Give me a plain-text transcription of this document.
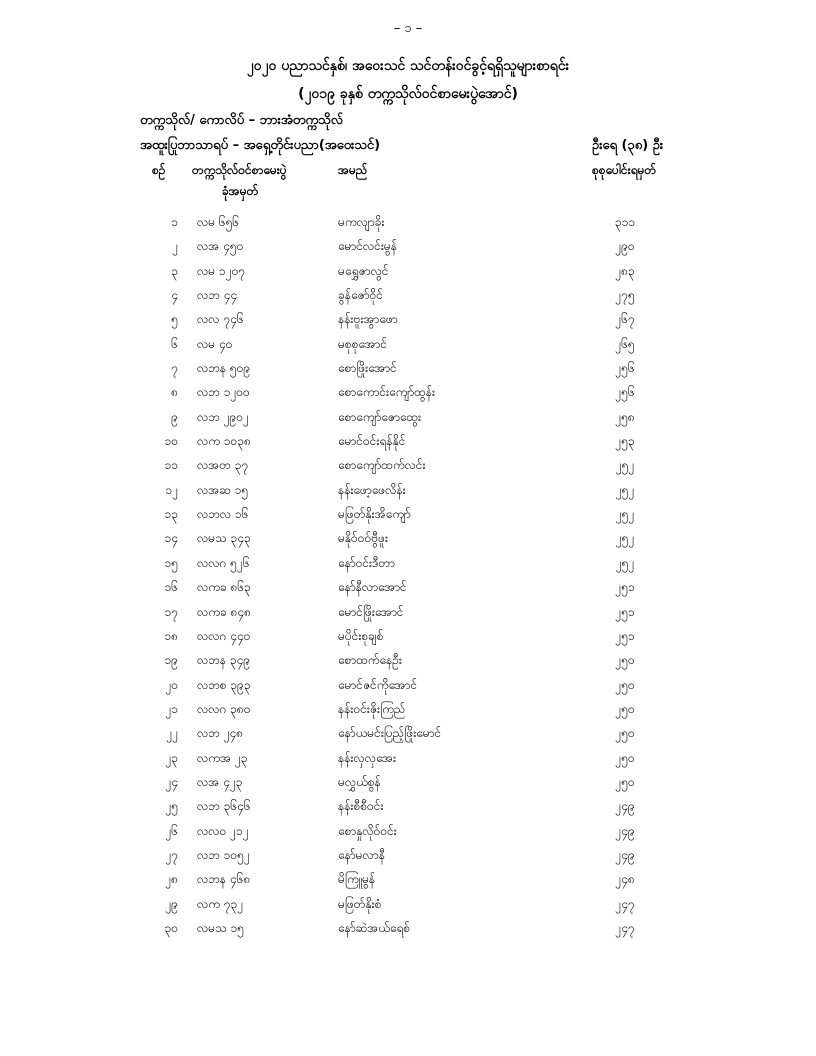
– ၁ –
၂၀၂၀ ပညာသင်နှစ်၊ အဝေးသင် သင်တန်းဝင်ခွင့်ရရှိသူများစာရင်း
(၂၀၁၉ ခုနှစ် တက္ကသိုလ်ဝင်စာမေးပွဲအောင်)
တက္ကသိုလ်/ ကောလိပ် – ဘားအံတက္ကသိုလ်
အထူးပြုဘာသာရပ် – အရှေ့တိုင်းပညာ(အဝေးသင်)	ဦးရေ (၃၈) ဦး
စဉ် တက္ကသိုလ်ဝင်စာမေးပွဲ
ခုံအမှတ်
အမည်	စုစုပေါင်းရမှတ်
၁ လမ ၆၅၆	မကလျာခိုး	၃၁၁
၂ လအ ၄၅၀	မောင်လင်းမွန်	၂၉၀
၃ လမ ၁၂၀၇	မရွှေဇာလွင်	၂၈၃
၄ လဘ ၄၄	ခွန်ဇော်ဝိုင်	၂၇၅
၅ လလ ၇၄၆	နန်းဗူးအွာဖော	၂၆၇
၆ လမ ၄၀	မစုစုအောင်	၂၆၅
၇ လဘန ၅၀၉	စောဖြိုးအောင်	၂၅၆
၈ လဘ ၁၂၀၀	စောကောင်းကျော်ထွန်း	၂၅၆
၉ လဘ ၂၉၀၂	စောကျော်ဇောထွေး	၂၅၈
၁၀ လက ၁၀၃၈	မောင်ဝင်းရန်နိုင်	၂၅၃
၁၁ လအတ ၃၇	စောကျော်ထက်လင်း	၂၅၂
၁၂ လအဆ ၁၅	နန်းဖော့ဖေလိန်း	၂၅၂
၁၃ လဘလ ၁၆	မဖြတ်နိုးအိကျော်	၂၅၂
၁၄ လမသ ၃၄၃	မနိုဝ်ဝဝ်ဗွီဖူး	၂၅၂
၁၅ လလဂ ၅၂၆	နော်ဝင်းဒီတာ	၂၅၂
၁၆ လကခ ၈၆၃	နော်နီလာအောင်	၂၅၁
၁၇ လကခ ၈၄၈	မောင်ဖြိုးအောင်	၂၅၁
၁၈ လလဂ ၄၄၀	မပိုင်းစုချစ်	၂၅၁
၁၉ လဘန ၃၄၉	စောထက်နေဦး	၂၅၀
၂၀ လဘစ ၃၉၃	မောင်ဇင်ကိုအောင်	၂၅၀
၂၁ လလဂ ၃၈၀	နန်းဝင်းဇိုးကြည်	၂၅၀
၂၂ လဘ ၂၄၈	နော်ယမင်းပြည့်ဖြိုးမောင်	၂၅၀
၂၃ လကအ ၂၃	နန်းလှလှအေး	၂၅၀
၂၄ လအ ၄၂၃	မလွှယ်စွန်	၂၅၀
၂၅ လဘ ၃၆၄၆	နန်းစီစီဝင်း	၂၄၉
၂၆ လလဝ ၂၁၂	စောနှုလိုဝ်ဝင်း	၂၄၉
၂၇ လဘ ၁၀၅၂	နော်မလာနီ	၂၄၉
၂၈ လဘန ၄၆၈	မိကြူမွန်	၂၄၈
၂၉ လက ၇၃၂	မဖြတ်နိုးစံ	၂၄၇
၃၀ လမသ ၁၅	နော်ဆဲအယ်ရေစ်	၂၄၇
